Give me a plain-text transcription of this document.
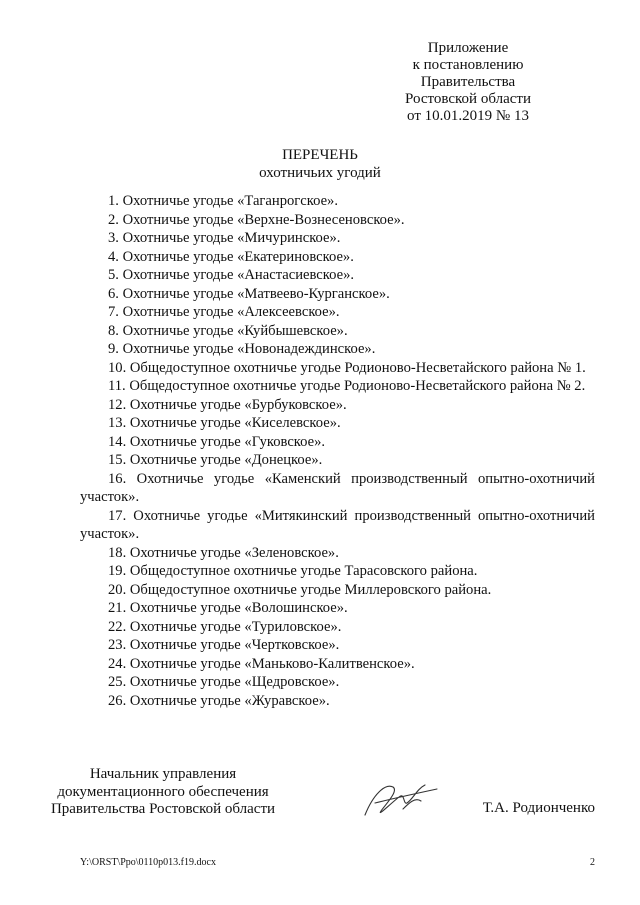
Приложение
к постановлению
Правительства
Ростовской области
от 10.01.2019 № 13
ПЕРЕЧЕНЬ
охотничьих угодий
1. Охотничье угодье «Таганрогское».
2. Охотничье угодье «Верхне-Вознесеновское».
3. Охотничье угодье «Мичуринское».
4. Охотничье угодье «Екатериновское».
5. Охотничье угодье «Анастасиевское».
6. Охотничье угодье «Матвеево-Курганское».
7. Охотничье угодье «Алексеевское».
8. Охотничье угодье «Куйбышевское».
9. Охотничье угодье «Новонадеждинское».
10. Общедоступное охотничье угодье Родионово-Несветайского района № 1.
11. Общедоступное охотничье угодье Родионово-Несветайского района № 2.
12. Охотничье угодье «Бурбуковское».
13. Охотничье угодье «Киселевское».
14. Охотничье угодье «Гуковское».
15. Охотничье угодье «Донецкое».
16. Охотничье угодье «Каменский производственный опытно-охотничий участок».
17. Охотничье угодье «Митякинский производственный опытно-охотничий участок».
18. Охотничье угодье «Зеленовское».
19. Общедоступное охотничье угодье Тарасовского района.
20. Общедоступное охотничье угодье Миллеровского района.
21. Охотничье угодье «Волошинское».
22. Охотничье угодье «Туриловское».
23. Охотничье угодье «Чертковское».
24. Охотничье угодье «Маньково-Калитвенское».
25. Охотничье угодье «Щедровское».
26. Охотничье угодье «Журавское».
Начальник управления
документационного обеспечения
Правительства Ростовской области	Т.А. Родионченко
Y:\ORST\Ppo\0110p013.f19.docx	2
